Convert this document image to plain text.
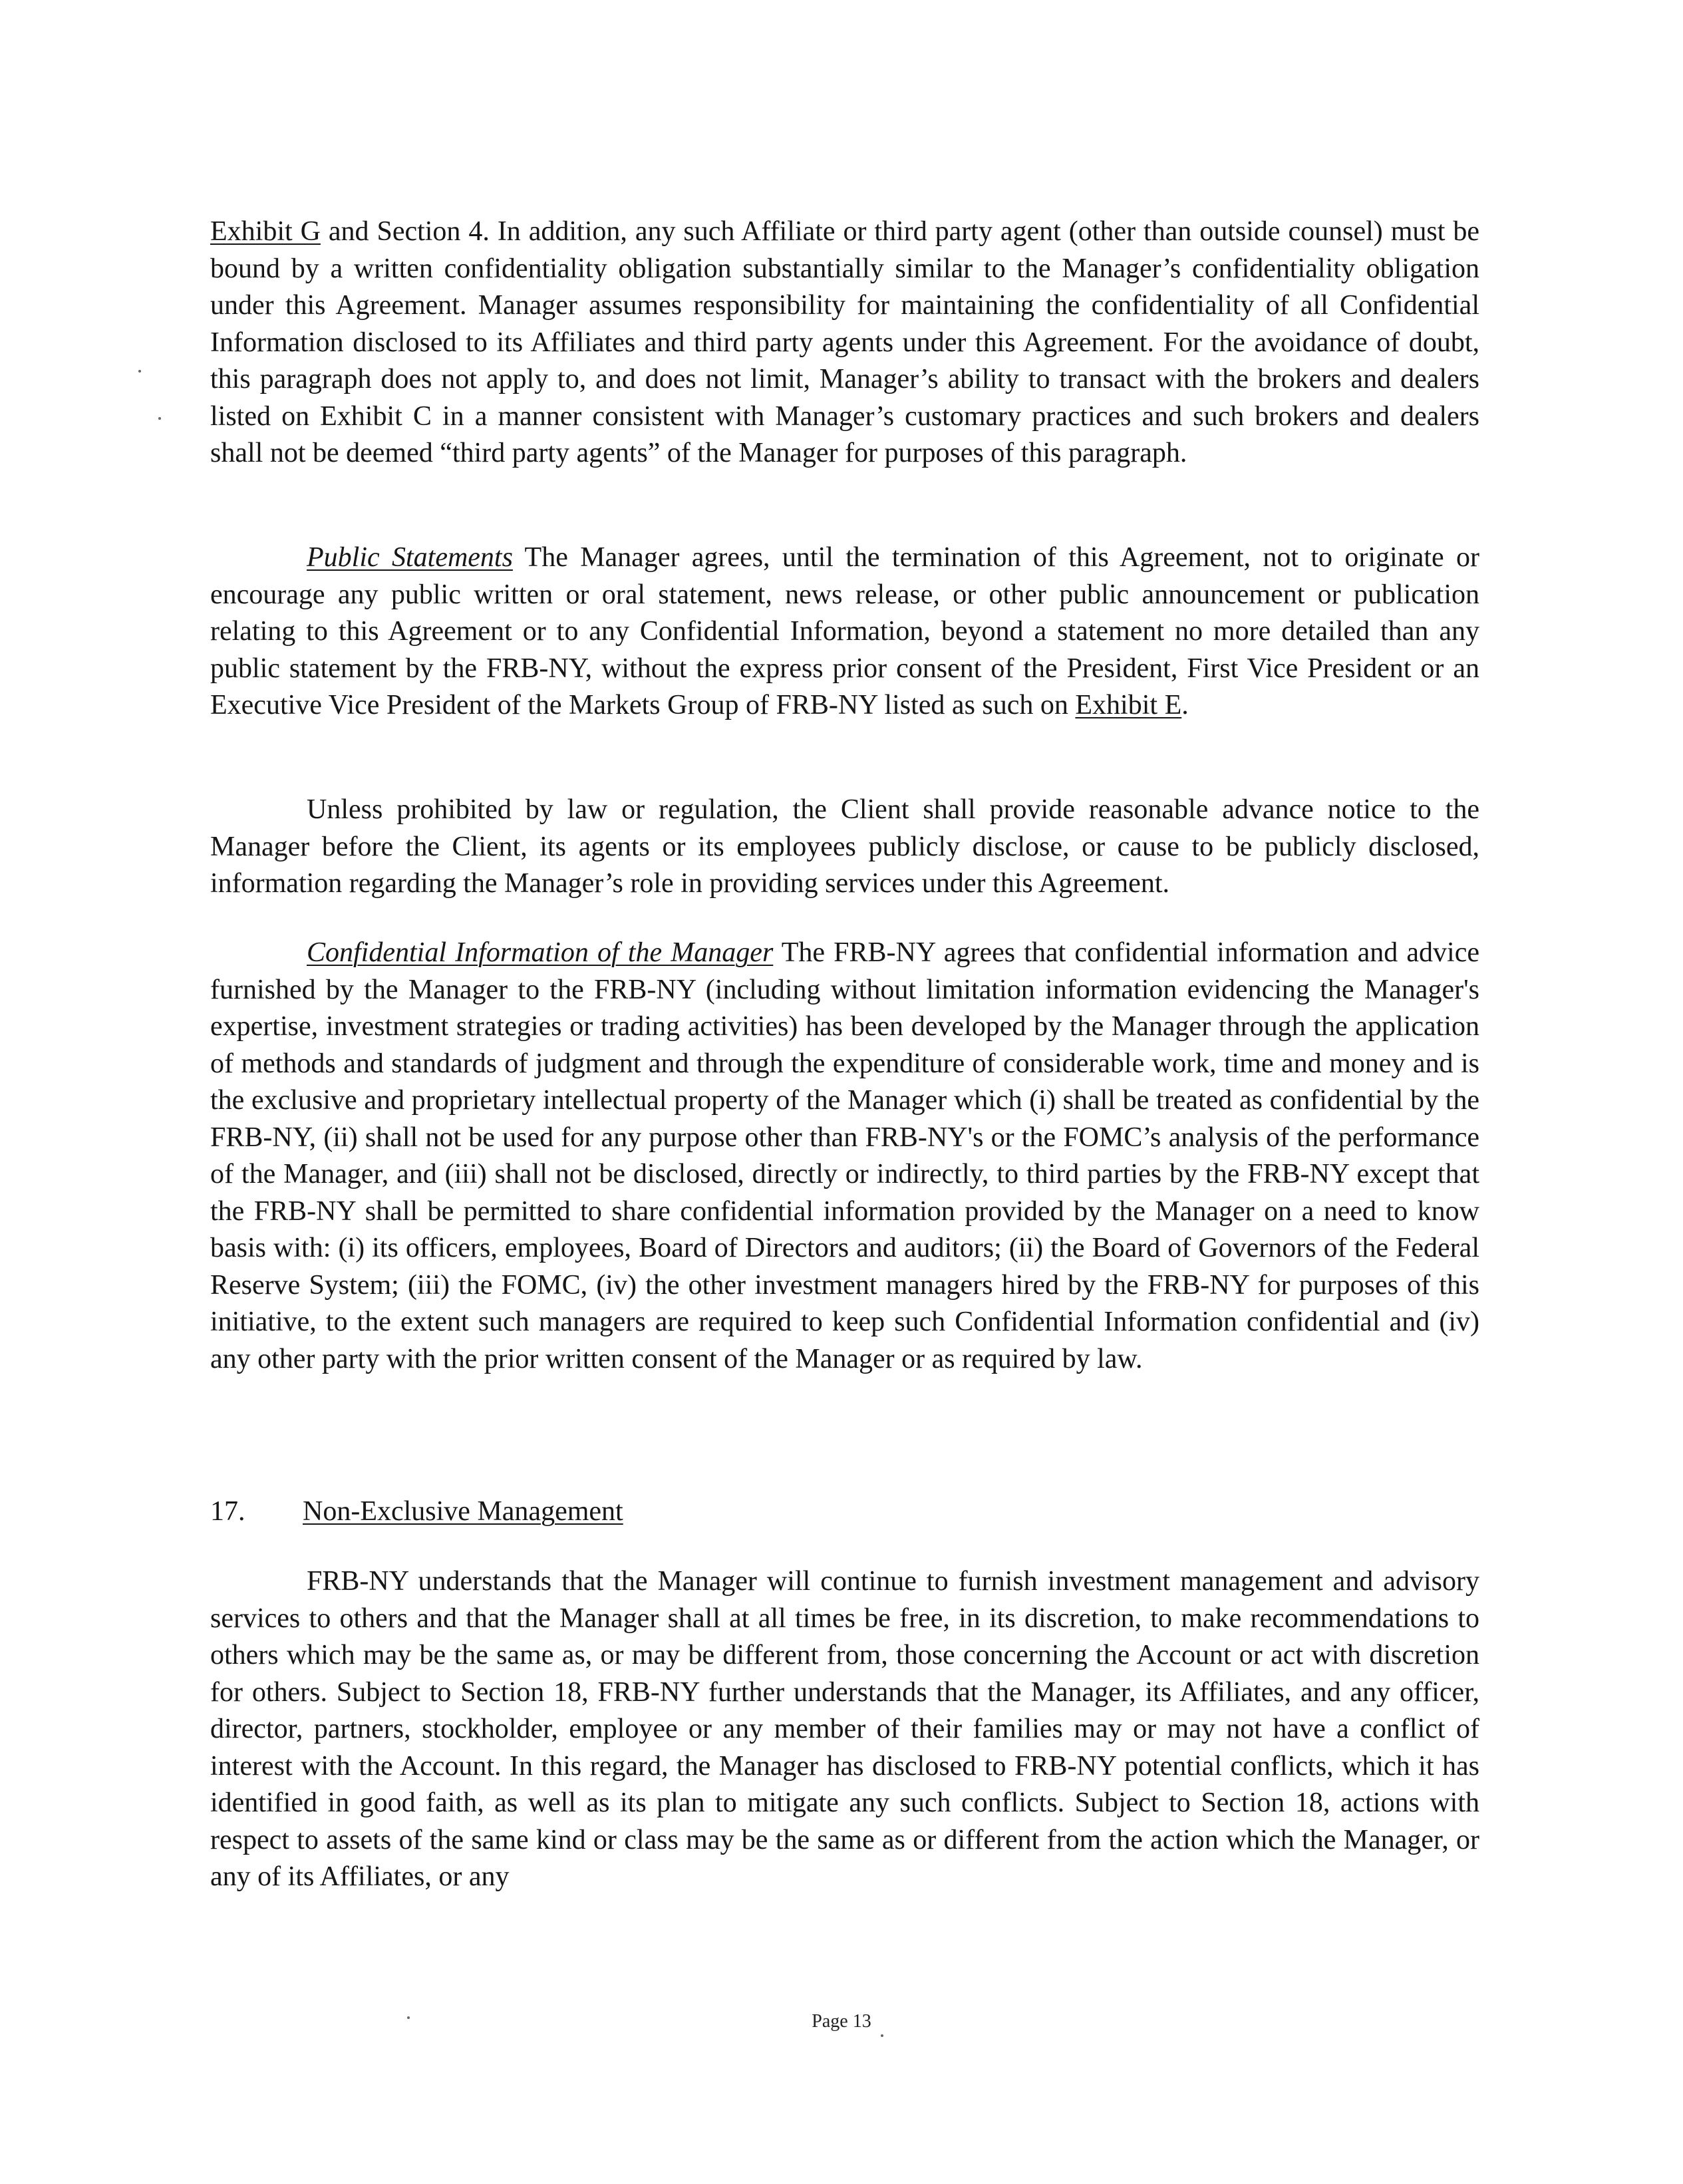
Exhibit G and Section 4. In addition, any such Affiliate or third party agent (other than outside counsel) must be bound by a written confidentiality obligation substantially similar to the Manager’s confidentiality obligation under this Agreement. Manager assumes responsibility for maintaining the confidentiality of all Confidential Information disclosed to its Affiliates and third party agents under this Agreement. For the avoidance of doubt, this paragraph does not apply to, and does not limit, Manager’s ability to transact with the brokers and dealers listed on Exhibit C in a manner consistent with Manager’s customary practices and such brokers and dealers shall not be deemed “third party agents” of the Manager for purposes of this paragraph.

Public Statements The Manager agrees, until the termination of this Agreement, not to originate or encourage any public written or oral statement, news release, or other public announcement or publication relating to this Agreement or to any Confidential Information, beyond a statement no more detailed than any public statement by the FRB-NY, without the express prior consent of the President, First Vice President or an Executive Vice President of the Markets Group of FRB-NY listed as such on Exhibit E.

Unless prohibited by law or regulation, the Client shall provide reasonable advance notice to the Manager before the Client, its agents or its employees publicly disclose, or cause to be publicly disclosed, information regarding the Manager’s role in providing services under this Agreement.

Confidential Information of the Manager The FRB-NY agrees that confidential information and advice furnished by the Manager to the FRB-NY (including without limitation information evidencing the Manager's expertise, investment strategies or trading activities) has been developed by the Manager through the application of methods and standards of judgment and through the expenditure of considerable work, time and money and is the exclusive and proprietary intellectual property of the Manager which (i) shall be treated as confidential by the FRB-NY, (ii) shall not be used for any purpose other than FRB-NY's or the FOMC’s analysis of the performance of the Manager, and (iii) shall not be disclosed, directly or indirectly, to third parties by the FRB-NY except that the FRB-NY shall be permitted to share confidential information provided by the Manager on a need to know basis with: (i) its officers, employees, Board of Directors and auditors; (ii) the Board of Governors of the Federal Reserve System; (iii) the FOMC, (iv) the other investment managers hired by the FRB-NY for purposes of this initiative, to the extent such managers are required to keep such Confidential Information confidential and (iv) any other party with the prior written consent of the Manager or as required by law.

17. Non-Exclusive Management

FRB-NY understands that the Manager will continue to furnish investment management and advisory services to others and that the Manager shall at all times be free, in its discretion, to make recommendations to others which may be the same as, or may be different from, those concerning the Account or act with discretion for others. Subject to Section 18, FRB-NY further understands that the Manager, its Affiliates, and any officer, director, partners, stockholder, employee or any member of their families may or may not have a conflict of interest with the Account. In this regard, the Manager has disclosed to FRB-NY potential conflicts, which it has identified in good faith, as well as its plan to mitigate any such conflicts. Subject to Section 18, actions with respect to assets of the same kind or class may be the same as or different from the action which the Manager, or any of its Affiliates, or any

Page 13
